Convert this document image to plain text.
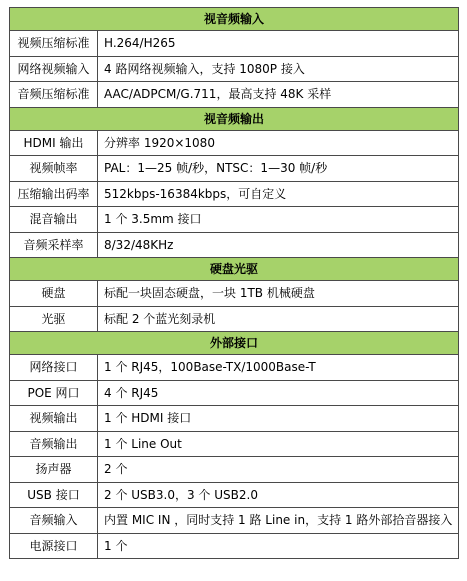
视音频输入	
视频压缩标准	H.264/H265
网络视频输入	4 路网络视频输入，支持 1080P 接入
音频压缩标准	AAC/ADPCM/G.711，最高支持 48K 采样
视音频输出	
HDMI 输出	分辨率 1920×1080
视频帧率	PAL：1—25 帧/秒，NTSC：1—30 帧/秒
压缩输出码率	512kbps-16384kbps，可自定义
混音输出	1 个 3.5mm 接口
音频采样率	8/32/48KHz
硬盘光驱	
硬盘	标配一块固态硬盘，一块 1TB 机械硬盘
光驱	标配 2 个蓝光刻录机
外部接口	
网络接口	1 个 RJ45，100Base-TX/1000Base-T
POE 网口	4 个 RJ45
视频输出	1 个 HDMI 接口
音频输出	1 个 Line Out
扬声器	2 个
USB 接口	2 个 USB3.0，3 个 USB2.0
音频输入	内置 MIC IN ，同时支持 1 路 Line in，支持 1 路外部拾音器接入
电源接口	1 个
